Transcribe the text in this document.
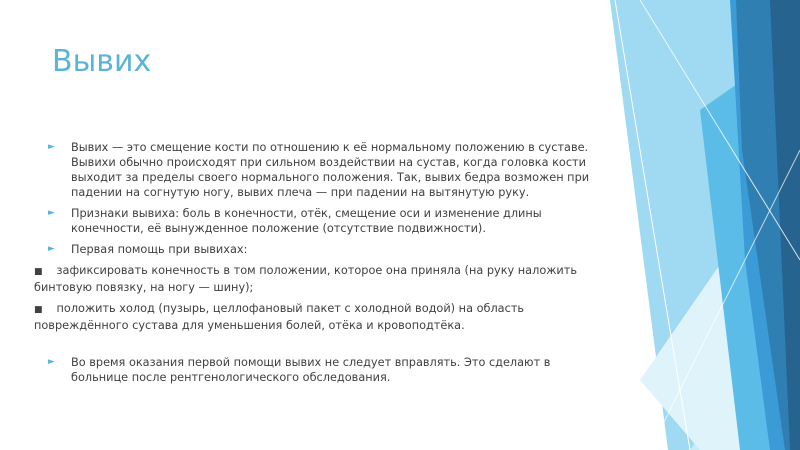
Вывих
► Вывих — это смещение кости по отношению к её нормальному положению в суставе. Вывихи обычно происходят при сильном воздействии на сустав, когда головка кости выходит за пределы своего нормального положения. Так, вывих бедра возможен при падении на согнутую ногу, вывих плеча — при падении на вытянутую руку.
► Признаки вывиха: боль в конечности, отёк, смещение оси и изменение длины конечности, её вынужденное положение (отсутствие подвижности).
► Первая помощь при вывихах:
■ зафиксировать конечность в том положении, которое она приняла (на руку наложить бинтовую повязку, на ногу — шину);
■ положить холод (пузырь, целлофановый пакет с холодной водой) на область повреждённого сустава для уменьшения болей, отёка и кровоподтёка.
► Во время оказания первой помощи вывих не следует вправлять. Это сделают в больнице после рентгенологического обследования.
